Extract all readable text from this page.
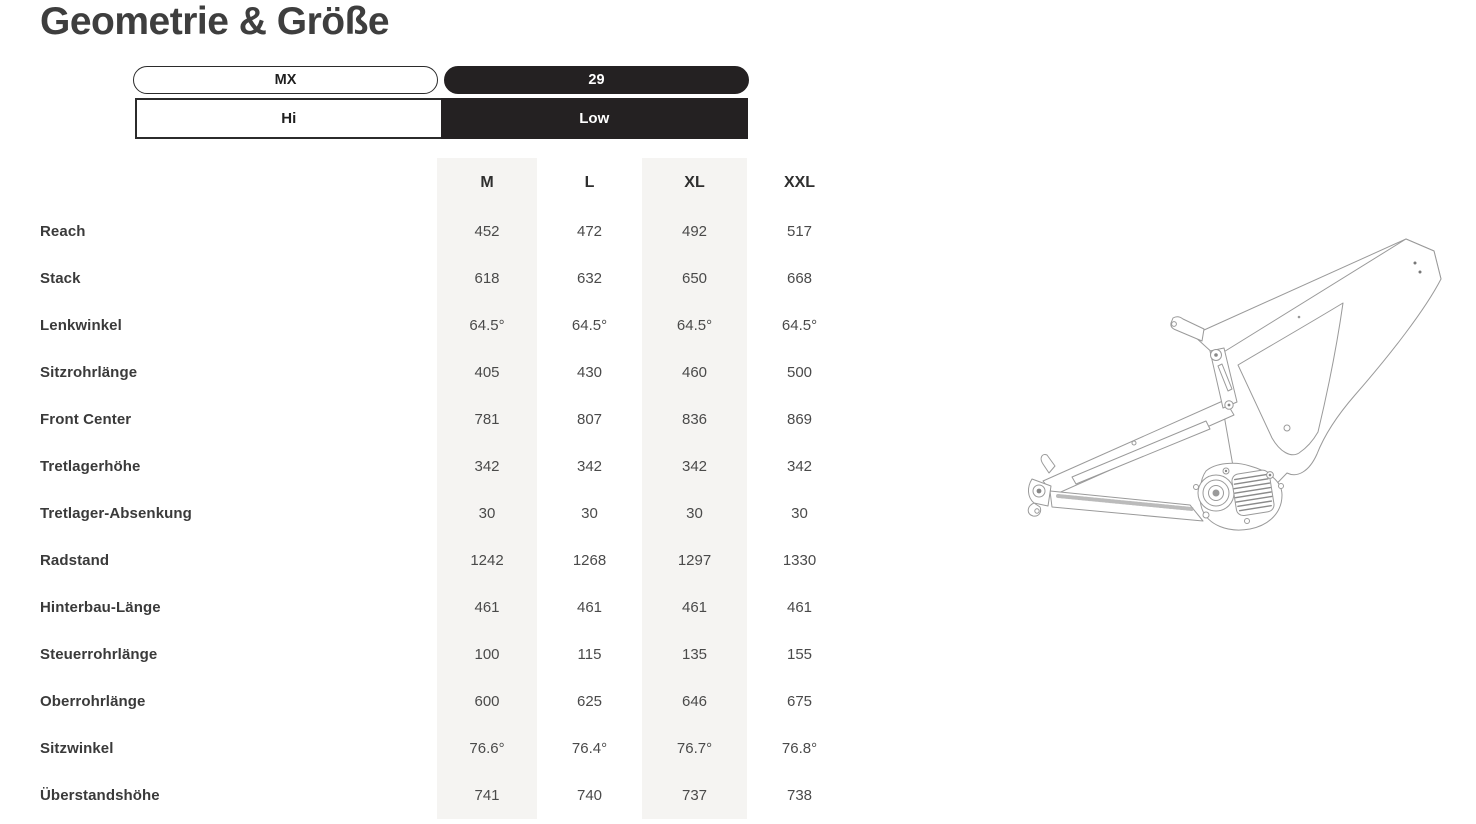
Geometrie & Größe
MX	29
Hi	Low
M	L	XL	XXL
Reach	452	472	492	517
Stack	618	632	650	668
Lenkwinkel	64.5°	64.5°	64.5°	64.5°
Sitzrohrlänge	405	430	460	500
Front Center	781	807	836	869
Tretlagerhöhe	342	342	342	342
Tretlager-Absenkung	30	30	30	30
Radstand	1242	1268	1297	1330
Hinterbau-Länge	461	461	461	461
Steuerrohrlänge	100	115	135	155
Oberrohrlänge	600	625	646	675
Sitzwinkel	76.6°	76.4°	76.7°	76.8°
Überstandshöhe	741	740	737	738
